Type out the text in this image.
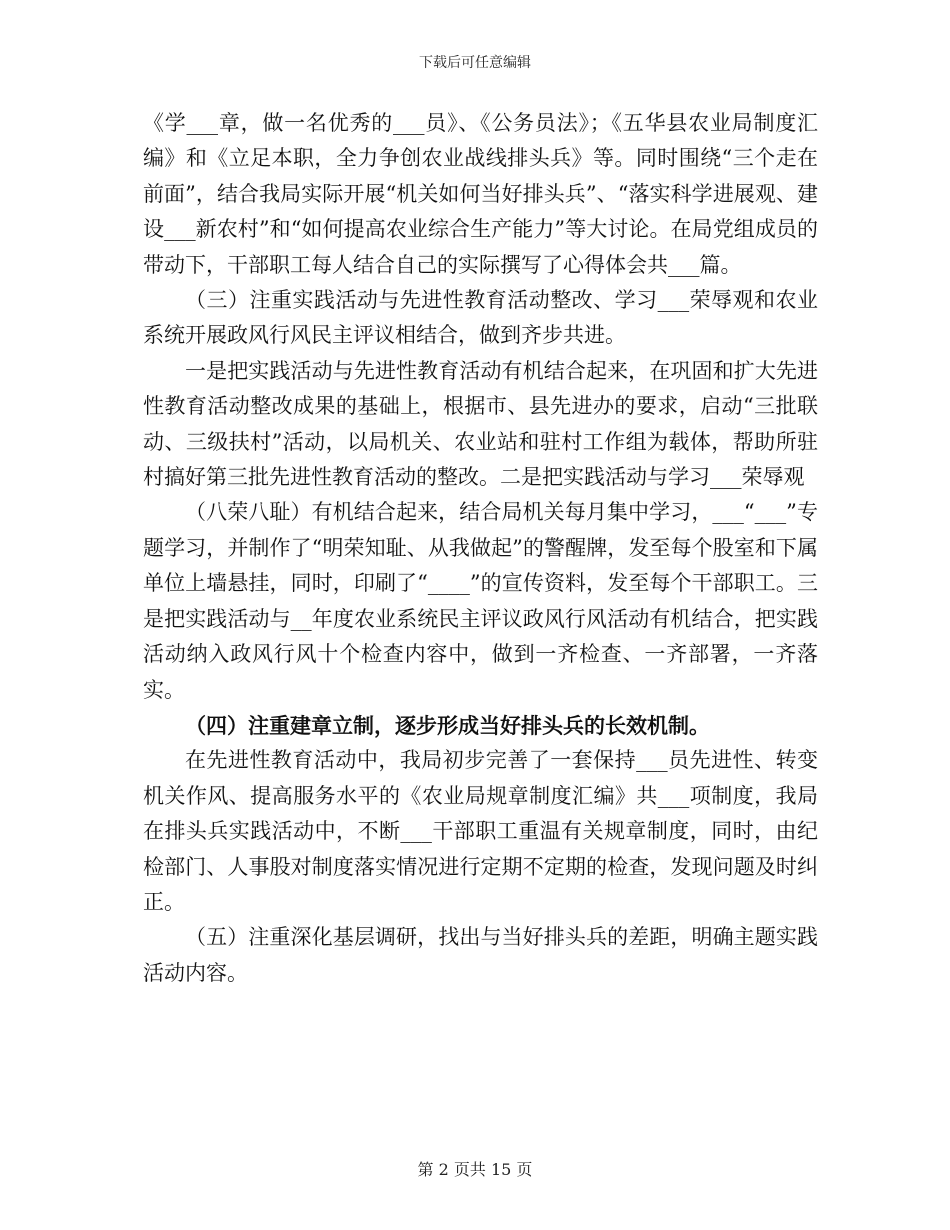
下载后可任意编辑

《学___章，做一名优秀的___员》、《公务员法》；《五华县农业局制度汇编》和《立足本职，全力争创农业战线排头兵》等。同时围绕“三个走在前面”，结合我局实际开展“机关如何当好排头兵”、“落实科学进展观、建设___新农村”和“如何提高农业综合生产能力”等大讨论。在局党组成员的带动下，干部职工每人结合自己的实际撰写了心得体会共___篇。

（三）注重实践活动与先进性教育活动整改、学习___荣辱观和农业系统开展政风行风民主评议相结合，做到齐步共进。

一是把实践活动与先进性教育活动有机结合起来，在巩固和扩大先进性教育活动整改成果的基础上，根据市、县先进办的要求，启动“三批联动、三级扶村”活动，以局机关、农业站和驻村工作组为载体，帮助所驻村搞好第三批先进性教育活动的整改。二是把实践活动与学习___荣辱观

（八荣八耻）有机结合起来，结合局机关每月集中学习，___“___”专题学习，并制作了“明荣知耻、从我做起”的警醒牌，发至每个股室和下属单位上墙悬挂，同时，印刷了“____”的宣传资料，发至每个干部职工。三是把实践活动与__年度农业系统民主评议政风行风活动有机结合，把实践活动纳入政风行风十个检查内容中，做到一齐检查、一齐部署，一齐落实。

（四）注重建章立制，逐步形成当好排头兵的长效机制。

在先进性教育活动中，我局初步完善了一套保持___员先进性、转变机关作风、提高服务水平的《农业局规章制度汇编》共___项制度，我局在排头兵实践活动中，不断___干部职工重温有关规章制度，同时，由纪检部门、人事股对制度落实情况进行定期不定期的检查，发现问题及时纠正。

（五）注重深化基层调研，找出与当好排头兵的差距，明确主题实践活动内容。

第 2 页共 15 页
